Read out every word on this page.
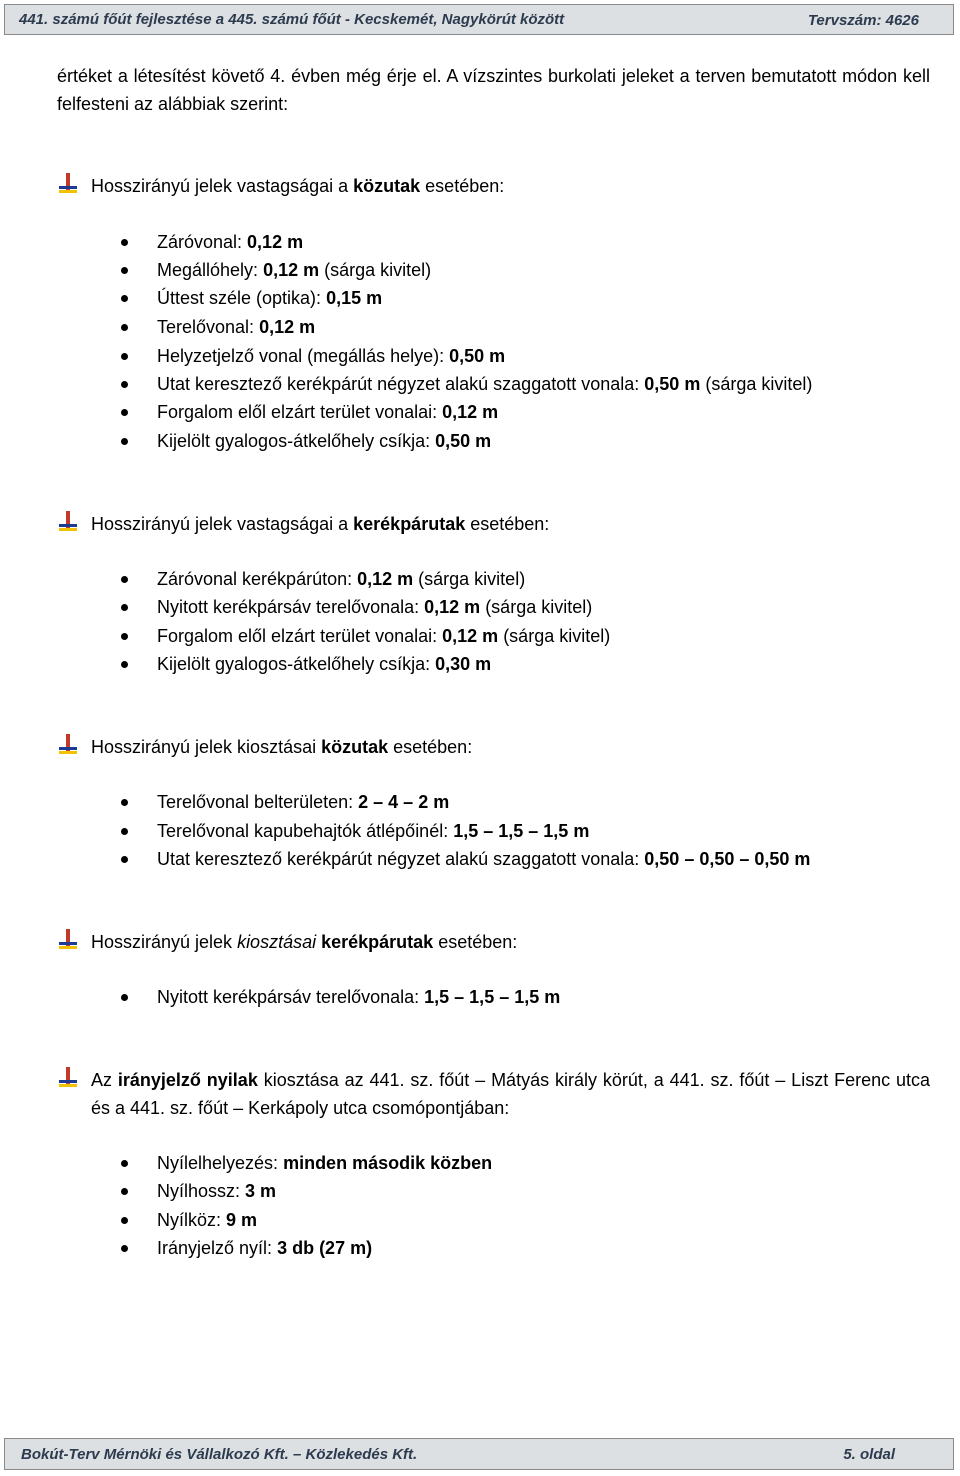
441. számú főút fejlesztése a 445. számú főút - Kecskemét, Nagykörút között	Tervszám: 4626
értéket a létesítést követő 4. évben még érje el. A vízszintes burkolati jeleket a terven bemutatott módon kell felfesteni az alábbiak szerint:
Hosszirányú jelek vastagságai a közutak esetében:
Záróvonal: 0,12 m
Megállóhely: 0,12 m (sárga kivitel)
Úttest széle (optika): 0,15 m
Terelővonal: 0,12 m
Helyzetjelző vonal (megállás helye): 0,50 m
Utat keresztező kerékpárút négyzet alakú szaggatott vonala: 0,50 m (sárga kivitel)
Forgalom elől elzárt terület vonalai: 0,12 m
Kijelölt gyalogos-átkelőhely csíkja: 0,50 m
Hosszirányú jelek vastagságai a kerékpárutak esetében:
Záróvonal kerékpárúton: 0,12 m (sárga kivitel)
Nyitott kerékpársáv terelővonala: 0,12 m (sárga kivitel)
Forgalom elől elzárt terület vonalai: 0,12 m (sárga kivitel)
Kijelölt gyalogos-átkelőhely csíkja: 0,30 m
Hosszirányú jelek kiosztásai közutak esetében:
Terelővonal belterületen: 2 – 4 – 2 m
Terelővonal kapubehajtók átlépőinél: 1,5 – 1,5 – 1,5 m
Utat keresztező kerékpárút négyzet alakú szaggatott vonala: 0,50 – 0,50 – 0,50 m
Hosszirányú jelek kiosztásai kerékpárutak esetében:
Nyitott kerékpársáv terelővonala: 1,5 – 1,5 – 1,5 m
Az irányjelző nyilak kiosztása az 441. sz. főút – Mátyás király körút, a 441. sz. főút – Liszt Ferenc utca és a 441. sz. főút – Kerkápoly utca csomópontjában:
Nyílelhelyezés: minden második közben
Nyílhossz: 3 m
Nyílköz: 9 m
Irányjelző nyíl: 3 db (27 m)
Bokút-Terv Mérnöki és Vállalkozó Kft. – Közlekedés Kft.	5. oldal
